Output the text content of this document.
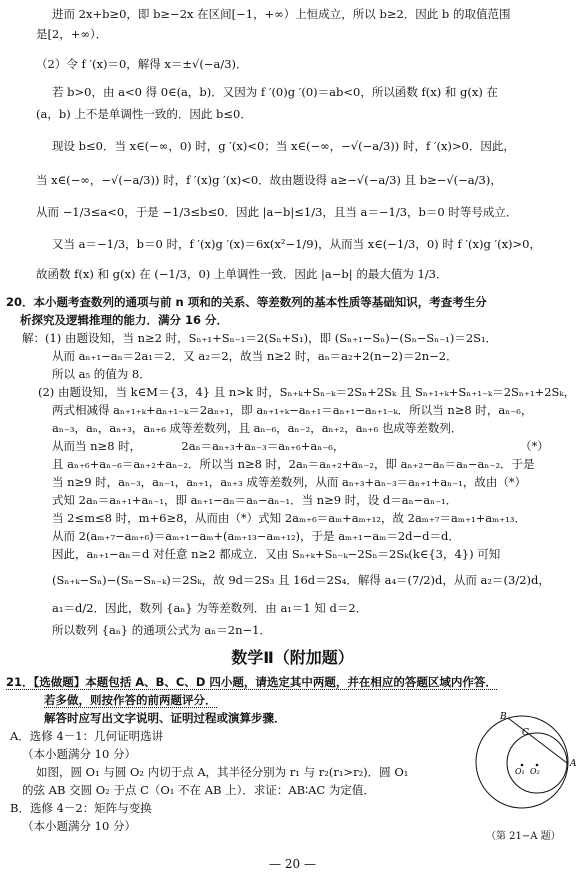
进而 2x+b≥0，即 b≥−2x 在区间[−1，+∞）上恒成立，所以 b≥2．因此 b 的取值范围
是[2，+∞）．
（2）令 f ′(x)＝0，解得 x＝±√(−a/3)．
若 b>0，由 a<0 得 0∈(a，b)．又因为 f ′(0)g ′(0)＝ab<0，所以函数 f(x) 和 g(x) 在
(a，b) 上不是单调性一致的．因此 b≤0．
现设 b≤0．当 x∈(−∞，0) 时，g ′(x)<0；当 x∈(−∞，−√(−a/3)) 时，f ′(x)>0．因此，
当 x∈(−∞，−√(−a/3)) 时，f ′(x)g ′(x)<0．故由题设得 a≥−√(−a/3) 且 b≥−√(−a/3)，
从而 −1/3≤a<0，于是 −1/3≤b≤0．因此 |a−b|≤1/3，且当 a＝−1/3，b＝0 时等号成立．
又当 a＝−1/3，b＝0 时，f ′(x)g ′(x)＝6x(x²−1/9)，从而当 x∈(−1/3，0) 时 f ′(x)g ′(x)>0，
故函数 f(x) 和 g(x) 在 (−1/3，0) 上单调性一致．因此 |a−b| 的最大值为 1/3．
20．本小题考查数列的通项与前 n 项和的关系、等差数列的基本性质等基础知识，考查考生分
析探究及逻辑推理的能力．满分 16 分．
解：(1) 由题设知，当 n≥2 时，Sₙ₊₁+Sₙ₋₁＝2(Sₙ+S₁)，即 (Sₙ₊₁−Sₙ)−(Sₙ−Sₙ₋₁)＝2S₁．
从而 aₙ₊₁−aₙ＝2a₁＝2．又 a₂＝2，故当 n≥2 时，aₙ＝a₂+2(n−2)＝2n−2．
所以 a₅ 的值为 8．
(2) 由题设知，当 k∈M＝{3，4} 且 n>k 时，Sₙ₊ₖ+Sₙ₋ₖ＝2Sₙ+2Sₖ 且 Sₙ₊₁₊ₖ+Sₙ₊₁₋ₖ＝2Sₙ₊₁+2Sₖ，
两式相减得 aₙ₊₁₊ₖ+aₙ₊₁₋ₖ＝2aₙ₊₁，即 aₙ₊₁₊ₖ−aₙ₊₁＝aₙ₊₁−aₙ₊₁₋ₖ．所以当 n≥8 时，aₙ₋₆，
aₙ₋₃，aₙ，aₙ₊₃，aₙ₊₆ 成等差数列，且 aₙ₋₆，aₙ₋₂，aₙ₊₂，aₙ₊₆ 也成等差数列．
从而当 n≥8 时，　　　　2aₙ＝aₙ₊₃+aₙ₋₃＝aₙ₊₆+aₙ₋₆，	（*）
且 aₙ₊₆+aₙ₋₆＝aₙ₊₂+aₙ₋₂．所以当 n≥8 时，2aₙ＝aₙ₊₂+aₙ₋₂，即 aₙ₊₂−aₙ＝aₙ−aₙ₋₂．于是
当 n≥9 时，aₙ₋₃，aₙ₋₁，aₙ₊₁，aₙ₊₃ 成等差数列，从而 aₙ₊₃+aₙ₋₃＝aₙ₊₁+aₙ₋₁，故由（*）
式知 2aₙ＝aₙ₊₁+aₙ₋₁，即 aₙ₊₁−aₙ＝aₙ−aₙ₋₁．当 n≥9 时，设 d＝aₙ−aₙ₋₁．
当 2≤m≤8 时，m+6≥8，从而由（*）式知 2aₘ₊₆＝aₘ+aₘ₊₁₂，故 2aₘ₊₇＝aₘ₊₁+aₘ₊₁₃．
从而 2(aₘ₊₇−aₘ₊₆)＝aₘ₊₁−aₘ+(aₘ₊₁₃−aₘ₊₁₂)，于是 aₘ₊₁−aₘ＝2d−d＝d．
因此，aₙ₊₁−aₙ＝d 对任意 n≥2 都成立．又由 Sₙ₊ₖ+Sₙ₋ₖ−2Sₙ＝2Sₖ(k∈{3，4}) 可知
(Sₙ₊ₖ−Sₙ)−(Sₙ−Sₙ₋ₖ)＝2Sₖ，故 9d＝2S₃ 且 16d＝2S₄．解得 a₄＝(7/2)d，从而 a₂＝(3/2)d，
a₁＝d/2．因此，数列 {aₙ} 为等差数列．由 a₁＝1 知 d＝2．
所以数列 {aₙ} 的通项公式为 aₙ＝2n−1．
数学Ⅱ（附加题）
21．【选做题】本题包括 A、B、C、D 四小题，请选定其中两题，并在相应的答题区域内作答．
若多做，则按作答的前两题评分．
解答时应写出文字说明、证明过程或演算步骤．
A．选修 4－1：几何证明选讲
（本小题满分 10 分）
如图，圆 O₁ 与圆 O₂ 内切于点 A，其半径分别为 r₁ 与 r₂(r₁>r₂)．圆 O₁
的弦 AB 交圆 O₂ 于点 C（O₁ 不在 AB 上）．求证：AB∶AC 为定值．
B．选修 4－2：矩阵与变换
（本小题满分 10 分）
B
C
A
O₁ O₂
（第 21−A 题）
— 20 —
